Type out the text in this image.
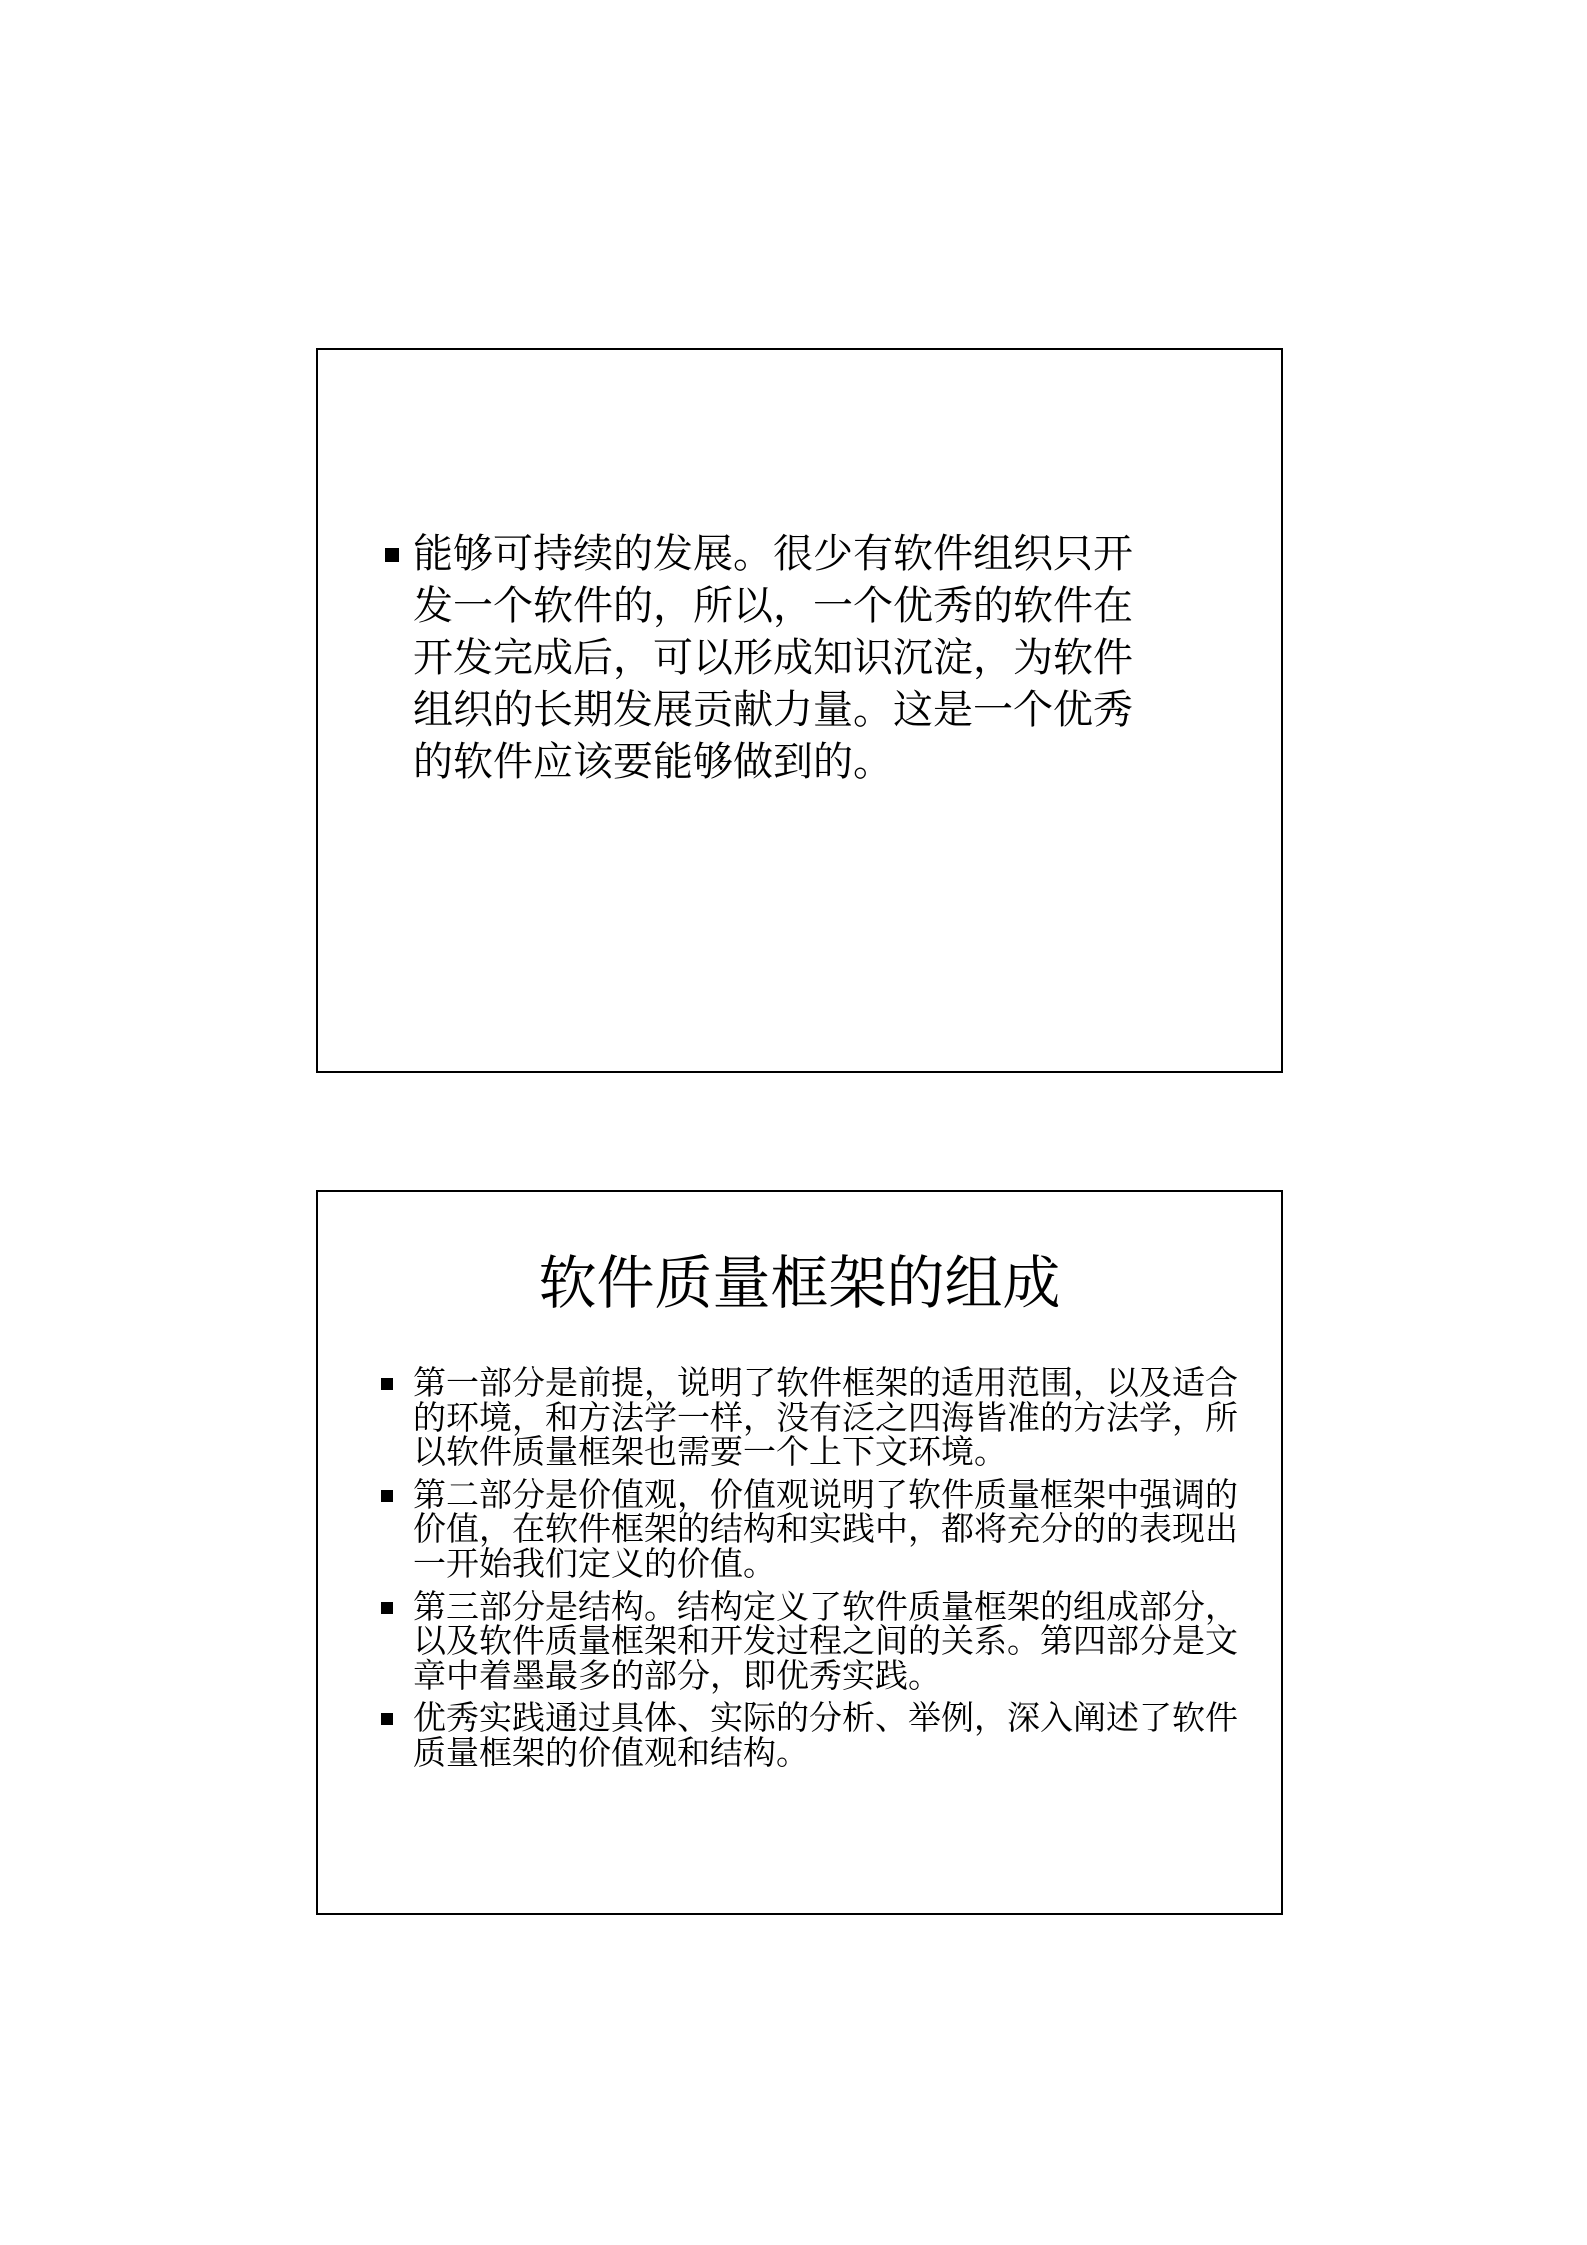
能够可持续的发展。很少有软件组织只开
发一个软件的，所以，一个优秀的软件在
开发完成后，可以形成知识沉淀，为软件
组织的长期发展贡献力量。这是一个优秀
的软件应该要能够做到的。
软件质量框架的组成
第一部分是前提，说明了软件框架的适用范围，以及适合
的环境，和方法学一样，没有泛之四海皆准的方法学，所
以软件质量框架也需要一个上下文环境。
第二部分是价值观，价值观说明了软件质量框架中强调的
价值，在软件框架的结构和实践中，都将充分的的表现出
一开始我们定义的价值。
第三部分是结构。结构定义了软件质量框架的组成部分，
以及软件质量框架和开发过程之间的关系。第四部分是文
章中着墨最多的部分，即优秀实践。
优秀实践通过具体、实际的分析、举例，深入阐述了软件
质量框架的价值观和结构。
